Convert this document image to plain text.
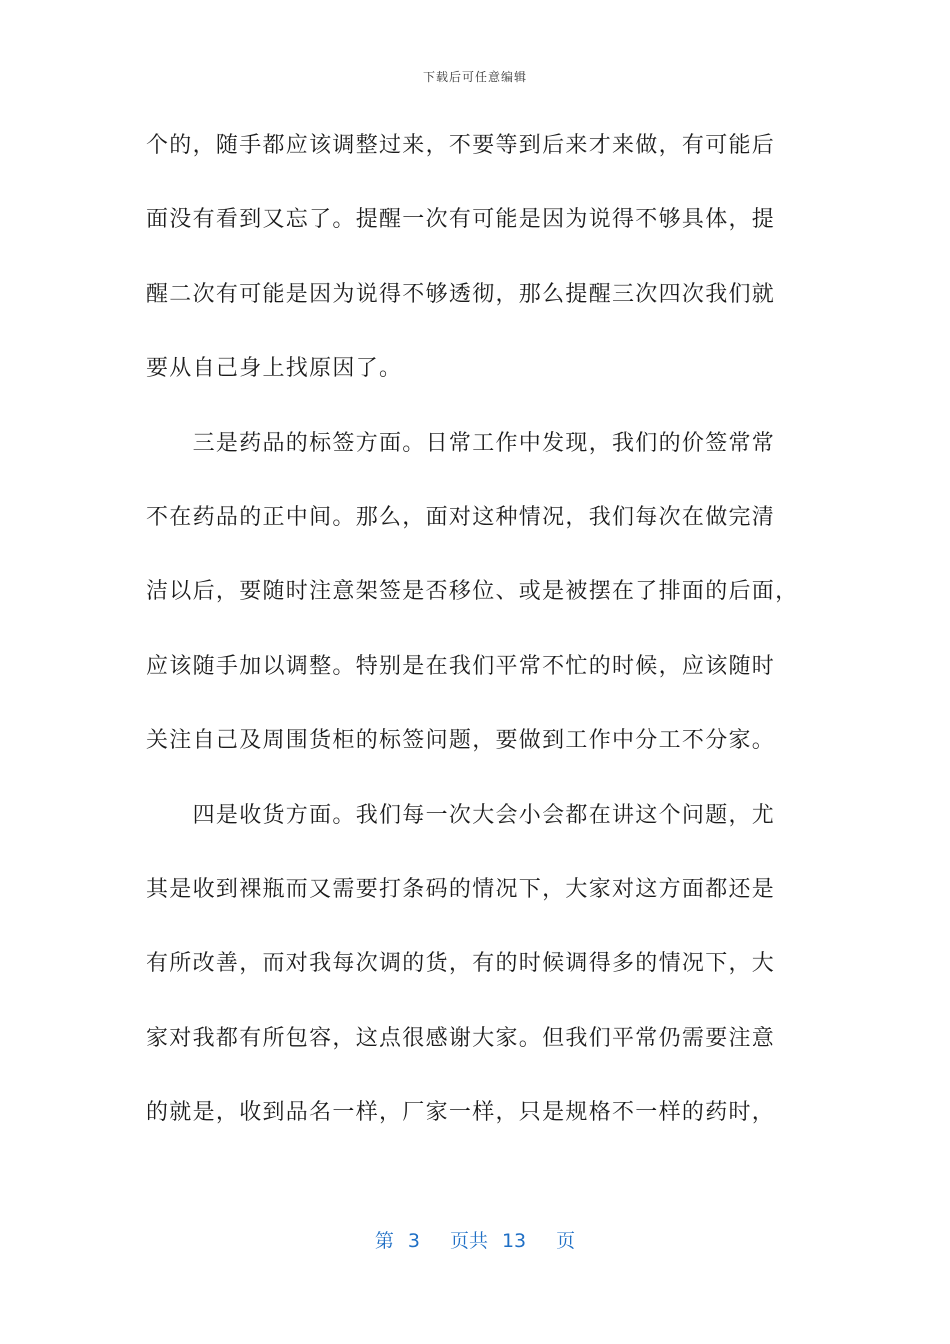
下载后可任意编辑
个的，随手都应该调整过来，不要等到后来才来做，有可能后
面没有看到又忘了。提醒一次有可能是因为说得不够具体，提
醒二次有可能是因为说得不够透彻，那么提醒三次四次我们就
要从自己身上找原因了。
　　三是药品的标签方面。日常工作中发现，我们的价签常常
不在药品的正中间。那么，面对这种情况，我们每次在做完清
洁以后，要随时注意架签是否移位、或是被摆在了排面的后面，
应该随手加以调整。特别是在我们平常不忙的时候，应该随时
关注自己及周围货柜的标签问题，要做到工作中分工不分家。
　　四是收货方面。我们每一次大会小会都在讲这个问题，尤
其是收到裸瓶而又需要打条码的情况下，大家对这方面都还是
有所改善，而对我每次调的货，有的时候调得多的情况下，大
家对我都有所包容，这点很感谢大家。但我们平常仍需要注意
的就是，收到品名一样，厂家一样，只是规格不一样的药时，
第 3 页共 13 页
